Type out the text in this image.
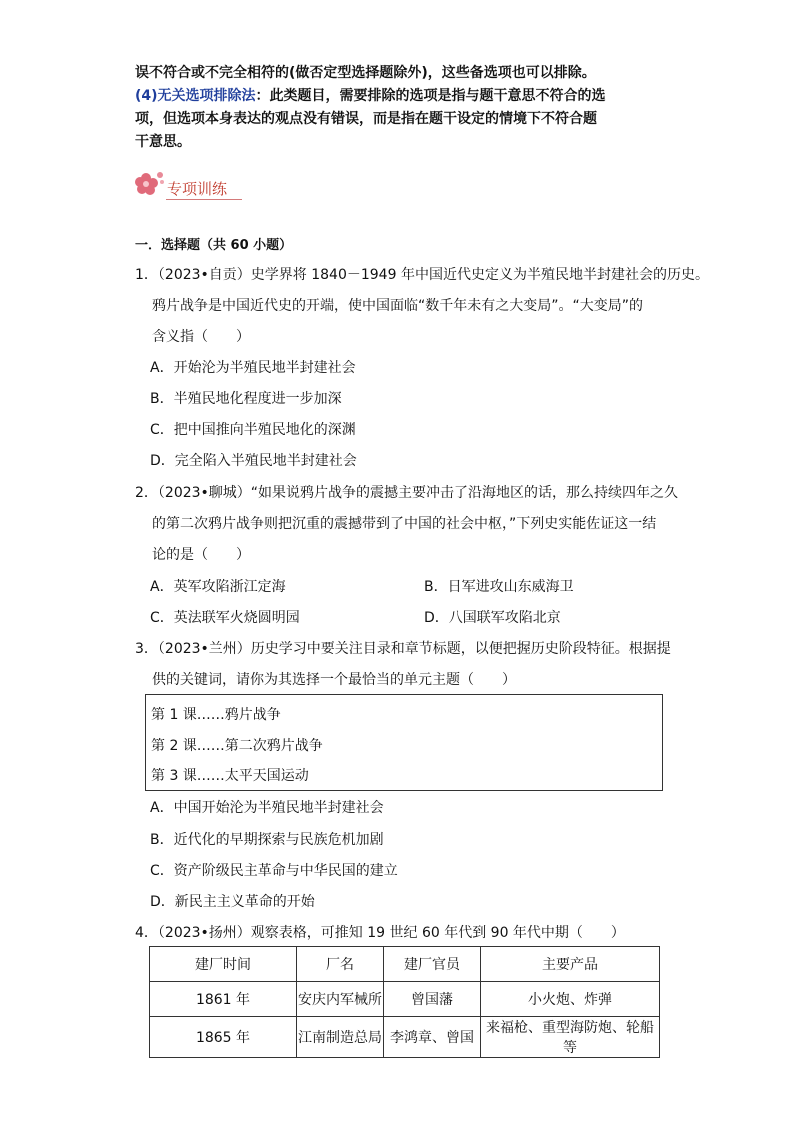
误不符合或不完全相符的(做否定型选择题除外)，这些备选项也可以排除。
(4)无关选项排除法：此类题目，需要排除的选项是指与题干意思不符合的选
项，但选项本身表达的观点没有错误，而是指在题干设定的情境下不符合题
干意思。
专项训练
一．选择题（共 60 小题）
1．（2023•自贡）史学界将 1840－1949 年中国近代史定义为半殖民地半封建社会的历史。
鸦片战争是中国近代史的开端，使中国面临“数千年未有之大变局”。“大变局”的
含义指（　　）
A．开始沦为半殖民地半封建社会
B．半殖民地化程度进一步加深
C．把中国推向半殖民地化的深渊
D．完全陷入半殖民地半封建社会
2．（2023•聊城）“如果说鸦片战争的震撼主要冲击了沿海地区的话，那么持续四年之久
的第二次鸦片战争则把沉重的震撼带到了中国的社会中枢，”下列史实能佐证这一结
论的是（　　）
A．英军攻陷浙江定海	B．日军进攻山东威海卫
C．英法联军火烧圆明园	D．八国联军攻陷北京
3．（2023•兰州）历史学习中要关注目录和章节标题，以便把握历史阶段特征。根据提
供的关键词，请你为其选择一个最恰当的单元主题（　　）
第 1 课……鸦片战争
第 2 课……第二次鸦片战争
第 3 课……太平天国运动
A．中国开始沦为半殖民地半封建社会
B．近代化的早期探索与民族危机加剧
C．资产阶级民主革命与中华民国的建立
D．新民主主义革命的开始
4．（2023•扬州）观察表格，可推知 19 世纪 60 年代到 90 年代中期（　　）
建厂时间	厂名	建厂官员	主要产品
1861 年	安庆内军械所	曾国藩	小火炮、炸弹
1865 年	江南制造总局	李鸿章、曾国	来福枪、重型海防炮、轮船等
